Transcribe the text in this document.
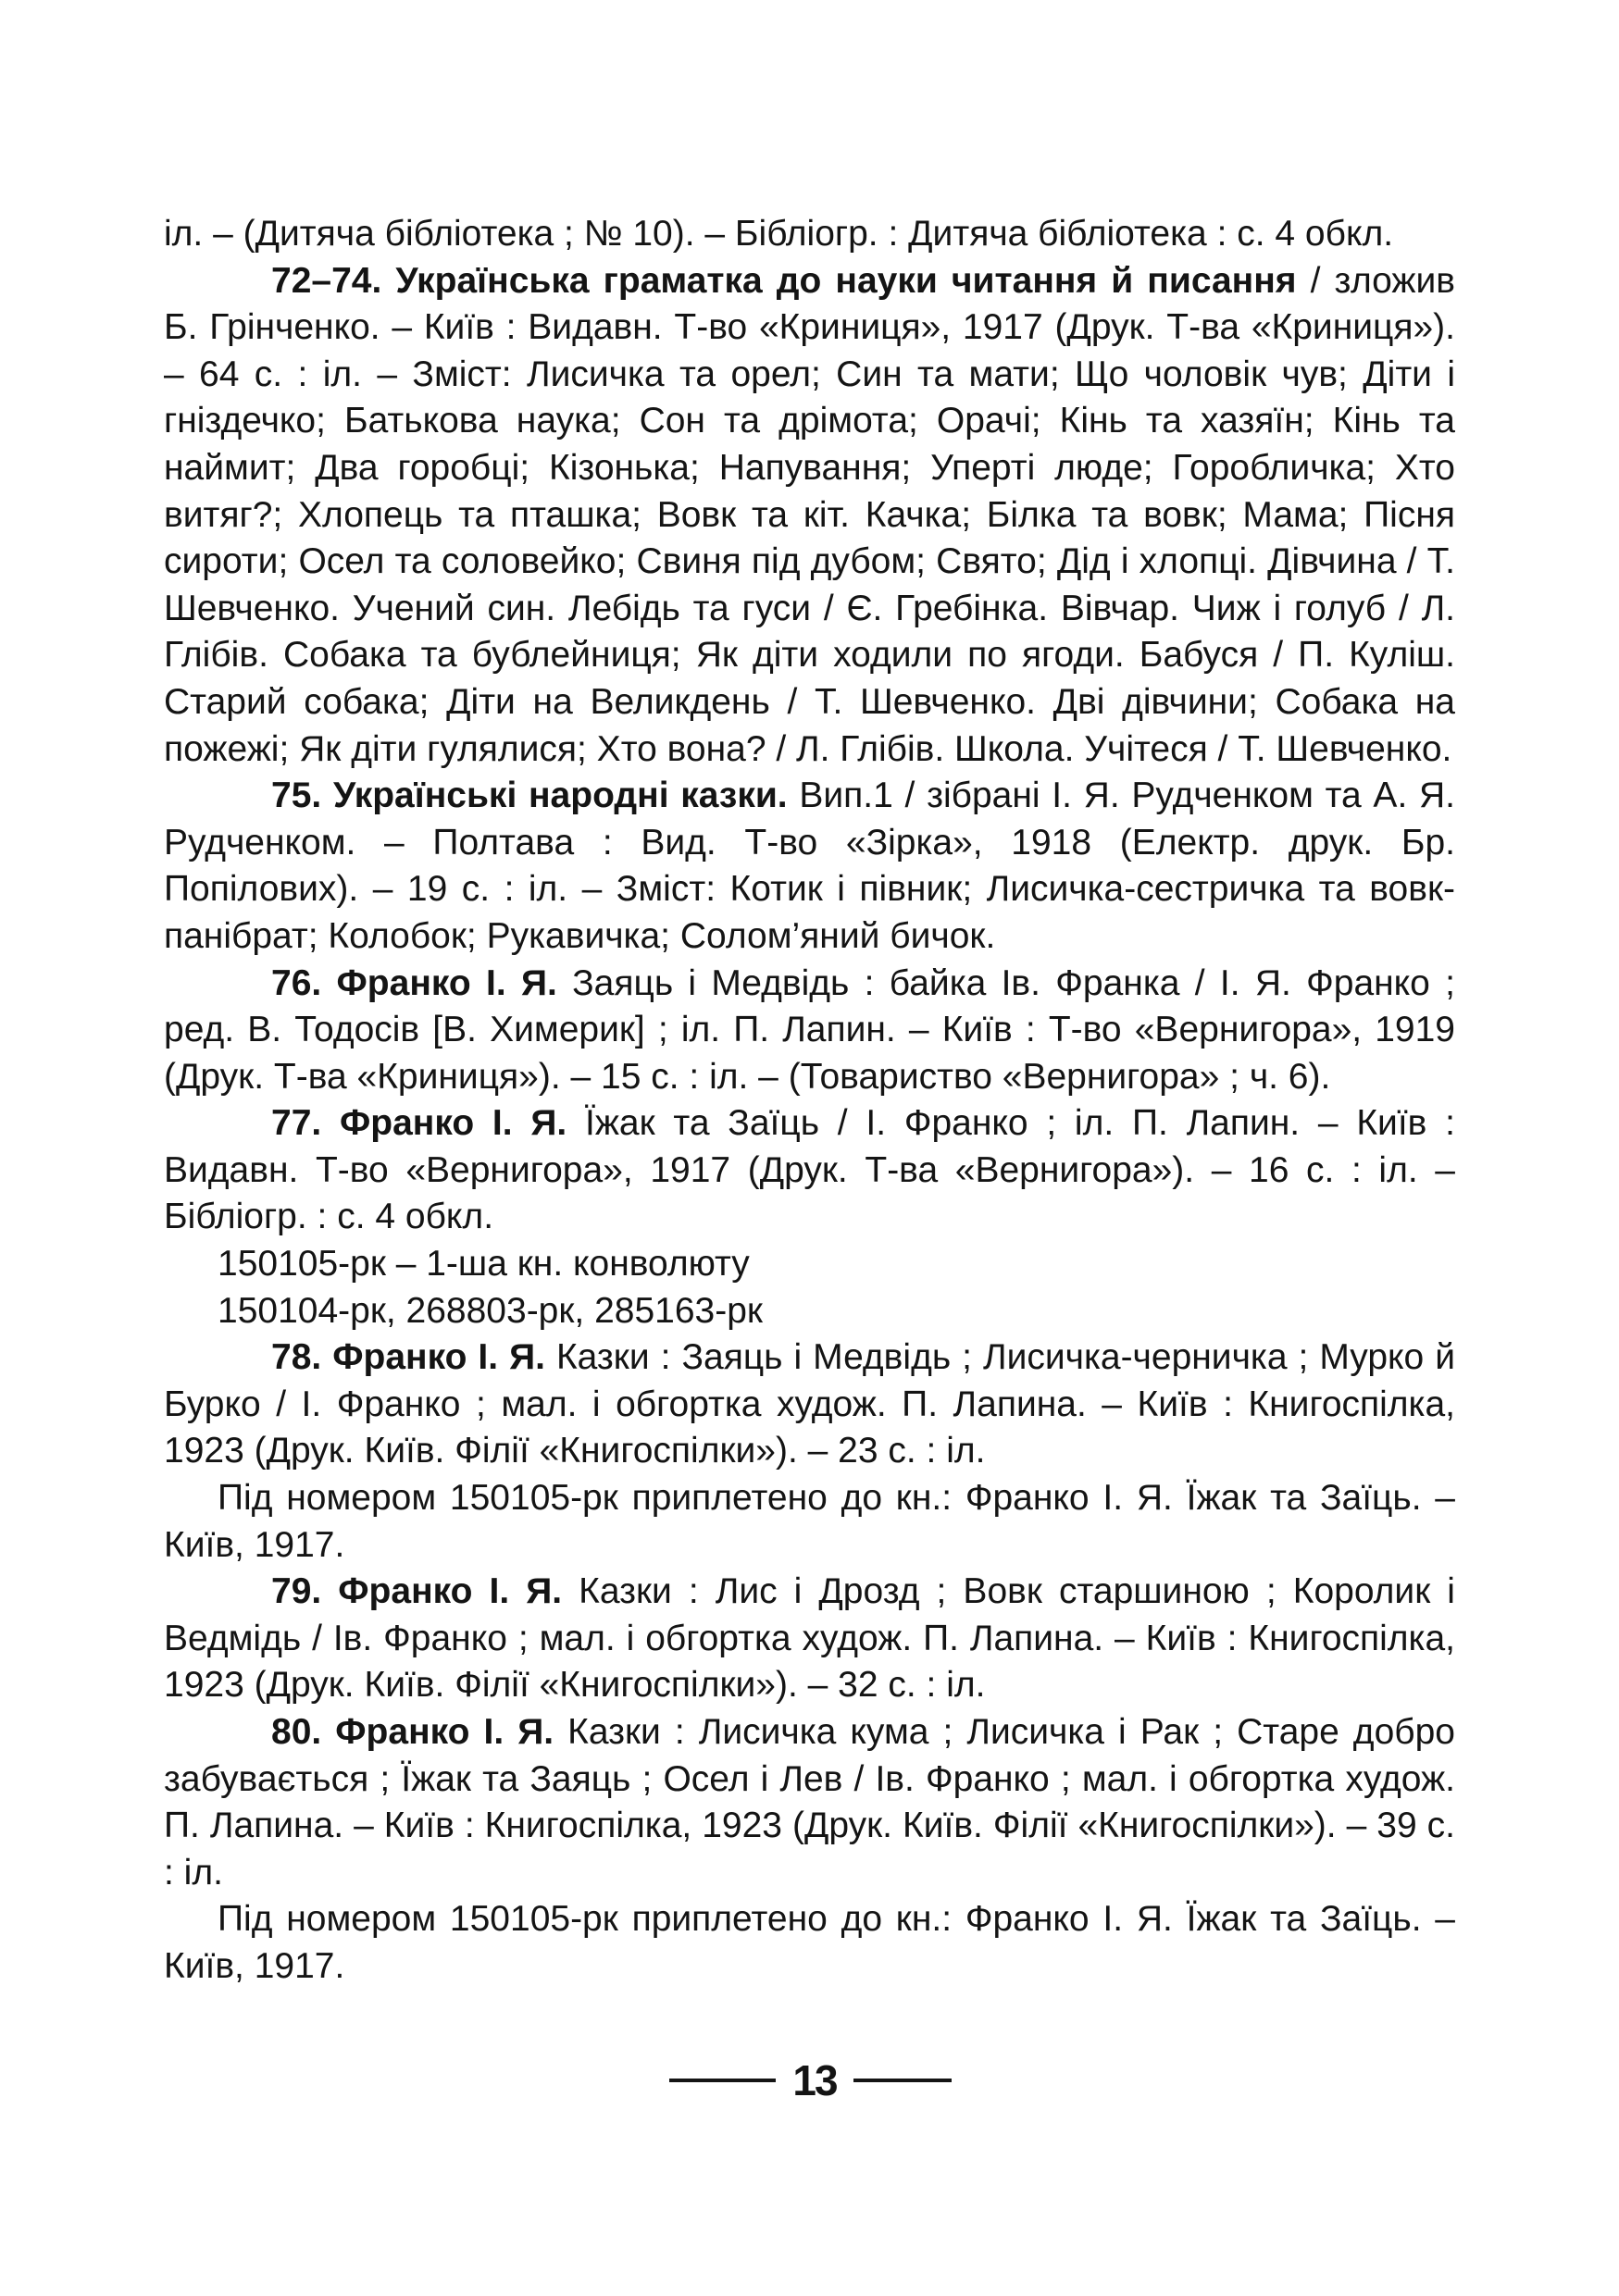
іл. – (Дитяча бібліотека ; № 10). – Бібліогр. : Дитяча бібліотека : с. 4 обкл.

72–74. Українська граматка до науки читання й писання / зложив Б. Грінченко. – Київ : Видавн. Т-во «Криниця», 1917 (Друк. Т-ва «Криниця»). – 64 с. : іл. – Зміст: Лисичка та орел; Син та мати; Що чоловік чув; Діти і гніздечко; Батькова наука; Сон та дрімота; Орачі; Кінь та хазяїн; Кінь та наймит; Два горобці; Кізонька; Напування; Уперті люде; Горобличка; Хто витяг?; Хлопець та пташка; Вовк та кіт. Качка; Білка та вовк; Мама; Пісня сироти; Осел та соловейко; Свиня під дубом; Свято; Дід і хлопці. Дівчина / Т. Шевченко. Учений син. Лебідь та гуси / Є. Гребінка. Вівчар. Чиж і голуб / Л. Глібів. Собака та бублейниця; Як діти ходили по ягоди. Бабуся / П. Куліш. Старий собака; Діти на Великдень / Т. Шевченко. Дві дівчини; Собака на пожежі; Як діти гулялися; Хто вона? / Л. Глібів. Школа. Учітеся / Т. Шевченко.

75. Українські народні казки. Вип.1 / зібрані І. Я. Рудченком та А. Я. Рудченком. – Полтава : Вид. Т-во «Зірка», 1918 (Електр. друк. Бр. Попілових). – 19 с. : іл. – Зміст: Котик і півник; Лисичка-сестричка та вовк-панібрат; Колобок; Рукавичка; Солом’яний бичок.

76. Франко І. Я. Заяць і Медвідь : байка Ів. Франка / І. Я. Франко ; ред. В. Тодосів [В. Химерик] ; іл. П. Лапин. – Київ : Т-во «Вернигора», 1919 (Друк. Т-ва «Криниця»). – 15 с. : іл. – (Товариство «Вернигора» ; ч. 6).

77. Франко І. Я. Їжак та Заїць / І. Франко ; іл. П. Лапин. – Київ : Видавн. Т-во «Вернигора», 1917 (Друк. Т-ва «Вернигора»). – 16 с. : іл. – Бібліогр. : с. 4 обкл.

150105-рк – 1-ша кн. конволюту

150104-рк, 268803-рк, 285163-рк

78. Франко І. Я. Казки : Заяць і Медвідь ; Лисичка-черничка ; Мурко й Бурко / І. Франко ; мал. і обгортка худож. П. Лапина. – Київ : Книгоспілка, 1923 (Друк. Київ. Філії «Книгоспілки»). – 23 с. : іл.

Під номером 150105-рк приплетено до кн.: Франко І. Я. Їжак та Заїць. – Київ, 1917.

79. Франко І. Я. Казки : Лис і Дрозд ; Вовк старшиною ; Королик і Ведмідь / Ів. Франко ; мал. і обгортка худож. П. Лапина. – Київ : Книгоспілка, 1923 (Друк. Київ. Філії «Книгоспілки»). – 32 с. : іл.

80. Франко І. Я. Казки : Лисичка кума ; Лисичка і Рак ; Старе добро забувається ; Їжак та Заяць ; Осел і Лев / Ів. Франко ; мал. і обгортка худож. П. Лапина. – Київ : Книгоспілка, 1923 (Друк. Київ. Філії «Книгоспілки»). – 39 с. : іл.

Під номером 150105-рк приплетено до кн.: Франко І. Я. Їжак та Заїць. – Київ, 1917.

13
